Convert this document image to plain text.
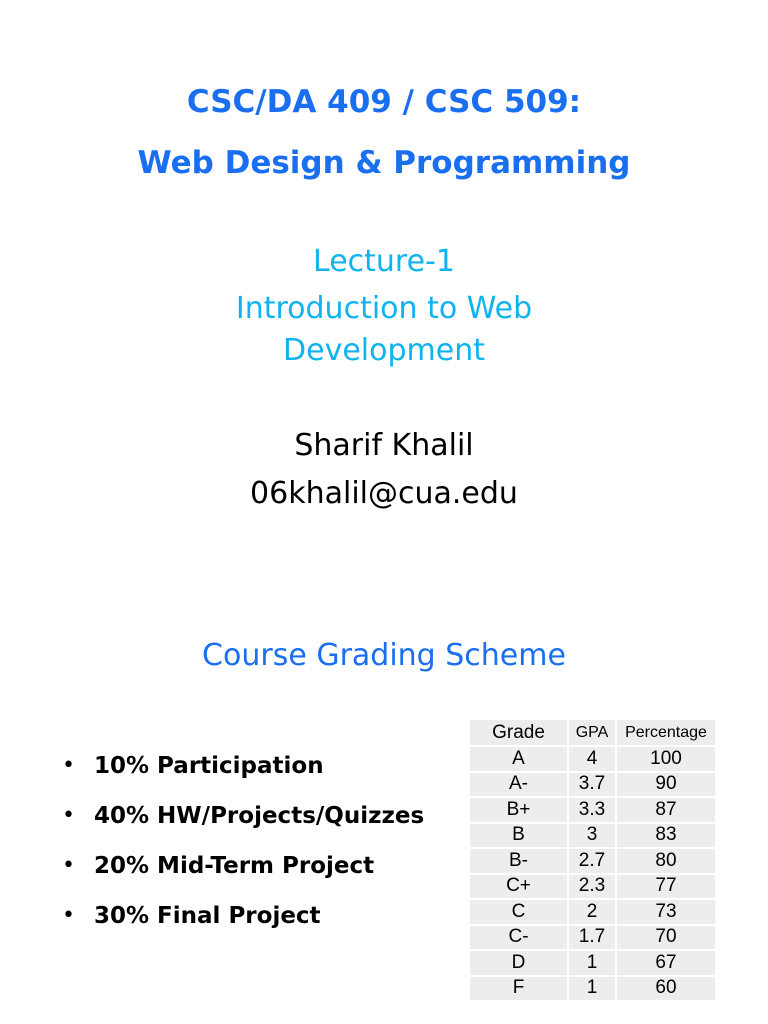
CSC/DA 409 / CSC 509:
Web Design & Programming
Lecture-1
Introduction to Web
Development
Sharif Khalil
06khalil@cua.edu
Course Grading Scheme
• 10% Participation
• 40% HW/Projects/Quizzes
• 20% Mid-Term Project
• 30% Final Project
Grade	GPA	Percentage
A	4	100
A-	3.7	90
B+	3.3	87
B	3	83
B-	2.7	80
C+	2.3	77
C	2	73
C-	1.7	70
D	1	67
F	1	60
